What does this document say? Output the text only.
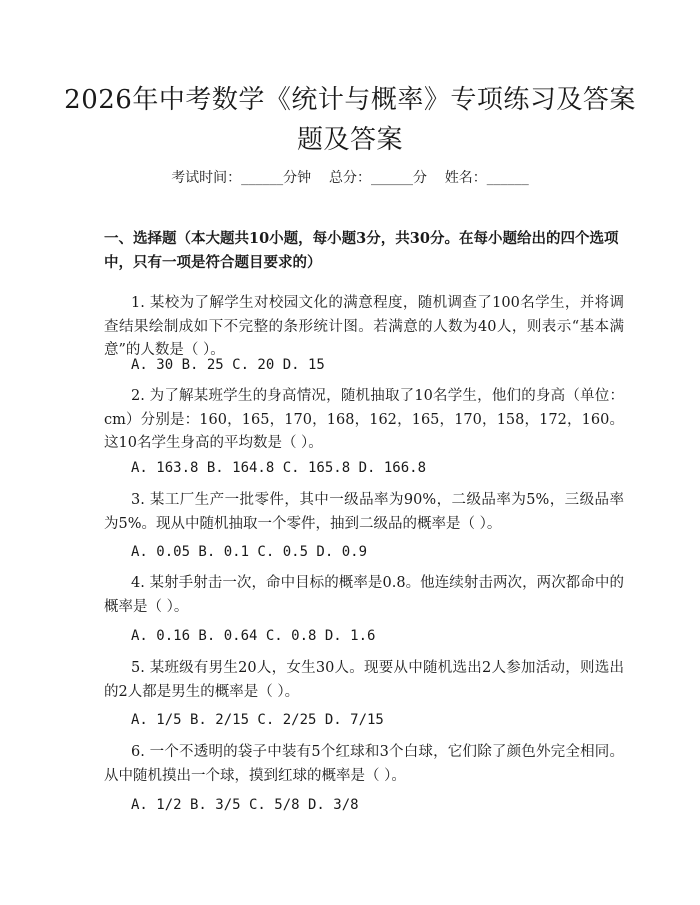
2026年中考数学《统计与概率》专项练习及答案题及答案
考试时间：______分钟    总分：______分    姓名：______
一、选择题（本大题共10小题，每小题3分，共30分。在每小题给出的四个选项中，只有一项是符合题目要求的）
1. 某校为了解学生对校园文化的满意程度，随机调查了100名学生，并将调查结果绘制成如下不完整的条形统计图。若满意的人数为40人，则表示“基本满意”的人数是（ ）。
A. 30 B. 25 C. 20 D. 15
2. 为了解某班学生的身高情况，随机抽取了10名学生，他们的身高（单位：cm）分别是：160，165，170，168，162，165，170，158，172，160。这10名学生身高的平均数是（ ）。
A. 163.8 B. 164.8 C. 165.8 D. 166.8
3. 某工厂生产一批零件，其中一级品率为90%，二级品率为5%，三级品率为5%。现从中随机抽取一个零件，抽到二级品的概率是（ ）。
A. 0.05 B. 0.1 C. 0.5 D. 0.9
4. 某射手射击一次，命中目标的概率是0.8。他连续射击两次，两次都命中的概率是（ ）。
A. 0.16 B. 0.64 C. 0.8 D. 1.6
5. 某班级有男生20人，女生30人。现要从中随机选出2人参加活动，则选出的2人都是男生的概率是（ ）。
A. 1/5 B. 2/15 C. 2/25 D. 7/15
6. 一个不透明的袋子中装有5个红球和3个白球，它们除了颜色外完全相同。从中随机摸出一个球，摸到红球的概率是（ ）。
A. 1/2 B. 3/5 C. 5/8 D. 3/8
